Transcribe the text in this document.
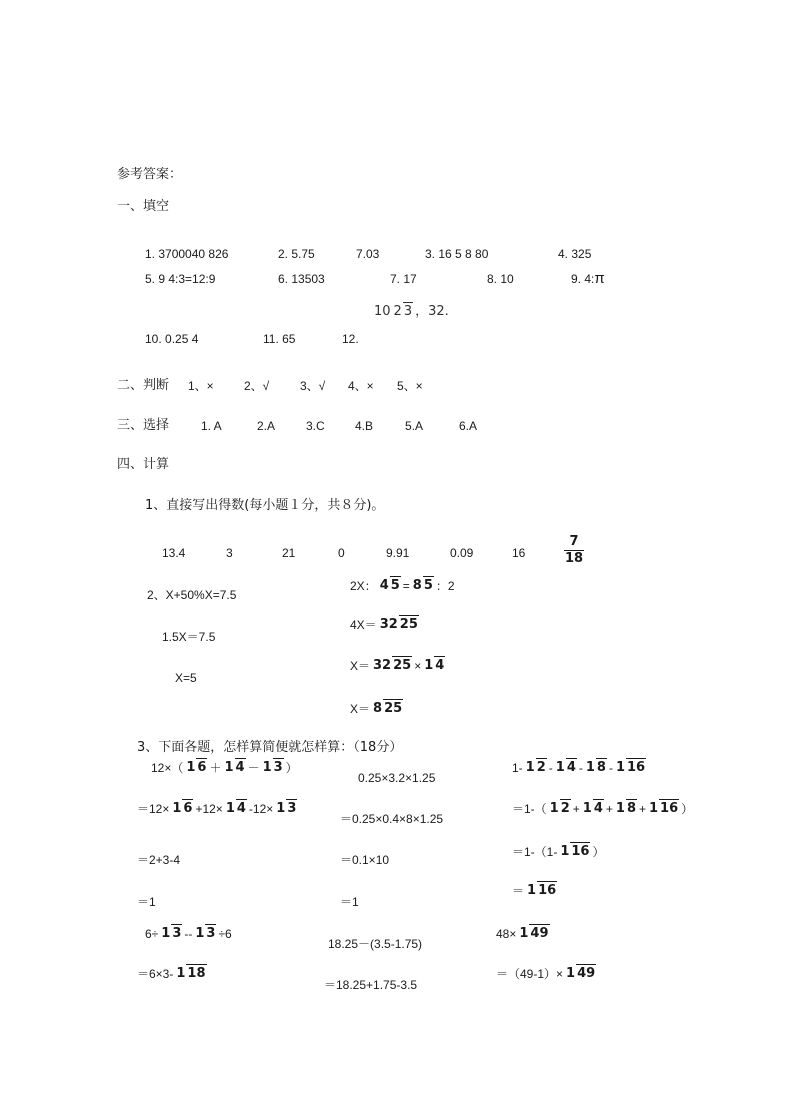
参考答案：
一、填空
1. 3700040 826	2. 5.75	7.03	3. 16 5 8 80	4. 325
5. 9 4:3=12:9	6. 13503	7. 17	8. 10	9. 4:π
10. 0.25 4	11. 65	12.
10 2 3 ，32.
二、判断 1、×	2、√	3、√ 4、× 5、×
三、选择	1. A	2.A	3.C	4.B	5.A	6.A
四、计算
1、直接写出得数(每小题１分，共８分)。
13.4	3	21	0	9.91	0.09	16	$\frac{7}{18}$
2、X+50%X=7.5
1.5X＝7.5
X=5
2X： 4 5 = 8 5 ：2
4X＝ 32 25
X＝ 32 25 × 1 4
X＝ 8 25
3、下面各题，怎样算简便就怎样算：（18分）
12×（ 1 6 ＋ 1 4 － 1 3 ）
＝12× 1 6 +12× 1 4 -12× 1 3
＝2+3-4
＝1
0.25×3.2×1.25
＝0.25×0.4×8×1.25
＝0.1×10
＝1
1- 1 2 - 1 4 - 1 8 - 1 16
＝1-（ 1 2 + 1 4 + 1 8 + 1 16 ）
＝1-（1- 1 16 ）
＝ 1 16
6÷ 1 3 -- 1 3 ÷6
＝6×3- 1 18
18.25－(3.5-1.75)
＝18.25+1.75-3.5
48× 1 49
＝（49-1）× 1 49
